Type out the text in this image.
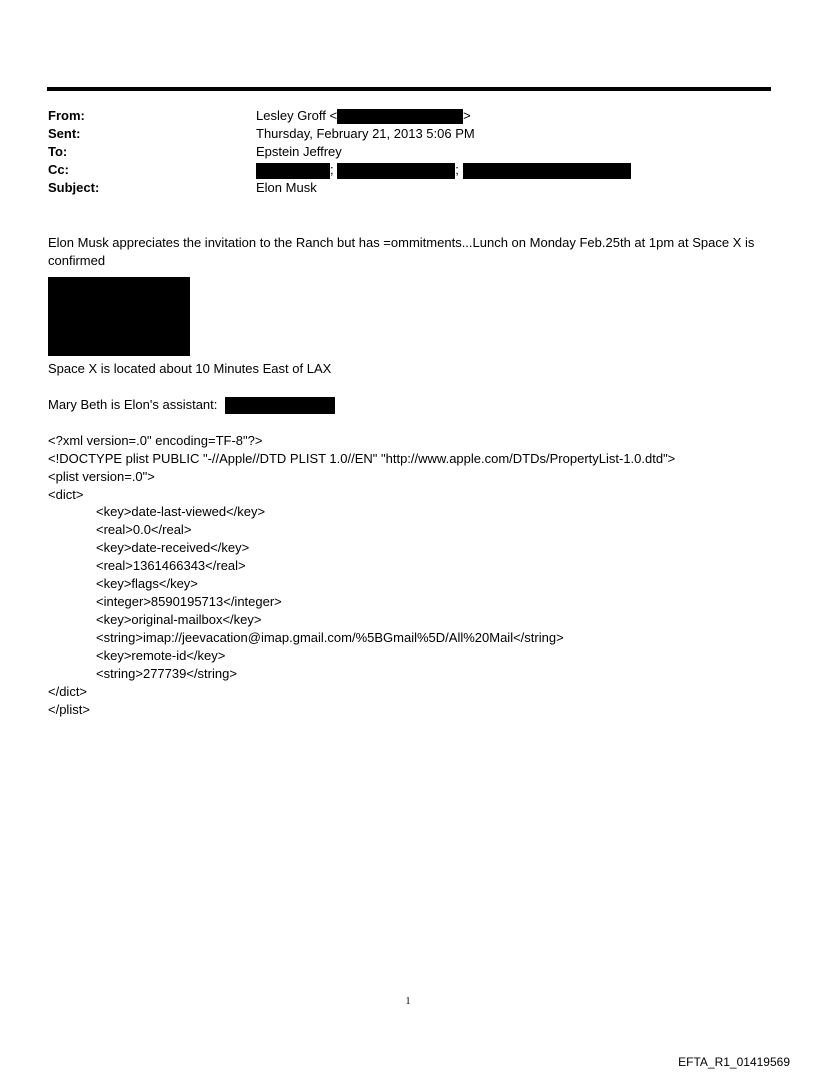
From:	Lesley Groff <	>
Sent:	Thursday, February 21, 2013 5:06 PM
To:	Epstein Jeffrey
Cc:	;	;
Subject:	Elon Musk
Elon Musk appreciates the invitation to the Ranch but has =ommitments...Lunch on Monday Feb.25th at 1pm at Space X is confirmed
Space X is located about 10 Minutes East of LAX
Mary Beth is Elon's assistant:
<?xml version=.0" encoding=TF-8"?>
<!DOCTYPE plist PUBLIC "-//Apple//DTD PLIST 1.0//EN" "http://www.apple.com/DTDs/PropertyList-1.0.dtd">
<plist version=.0">
<dict>
<key>date-last-viewed</key>
<real>0.0</real>
<key>date-received</key>
<real>1361466343</real>
<key>flags</key>
<integer>8590195713</integer>
<key>original-mailbox</key>
<string>imap://jeevacation@imap.gmail.com/%5BGmail%5D/All%20Mail</string>
<key>remote-id</key>
<string>277739</string>
</dict>
</plist>
1
EFTA_R1_01419569
